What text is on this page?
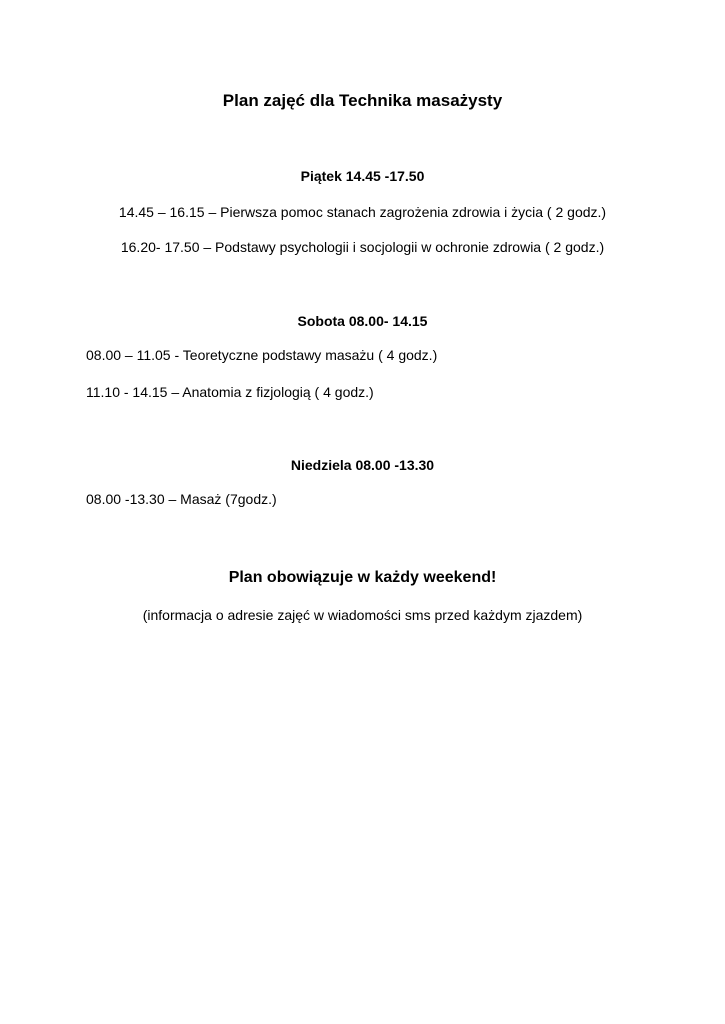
Plan zajęć dla Technika masażysty
Piątek 14.45 -17.50
14.45 – 16.15 – Pierwsza pomoc stanach zagrożenia zdrowia i życia ( 2 godz.)
16.20- 17.50 – Podstawy psychologii i socjologii w ochronie zdrowia ( 2 godz.)
Sobota 08.00- 14.15
08.00 – 11.05 - Teoretyczne podstawy masażu ( 4 godz.)
11.10 - 14.15 – Anatomia z fizjologią ( 4 godz.)
Niedziela 08.00 -13.30
08.00 -13.30 – Masaż (7godz.)
Plan obowiązuje w każdy weekend!
(informacja o adresie zajęć w wiadomości sms przed każdym zjazdem)
